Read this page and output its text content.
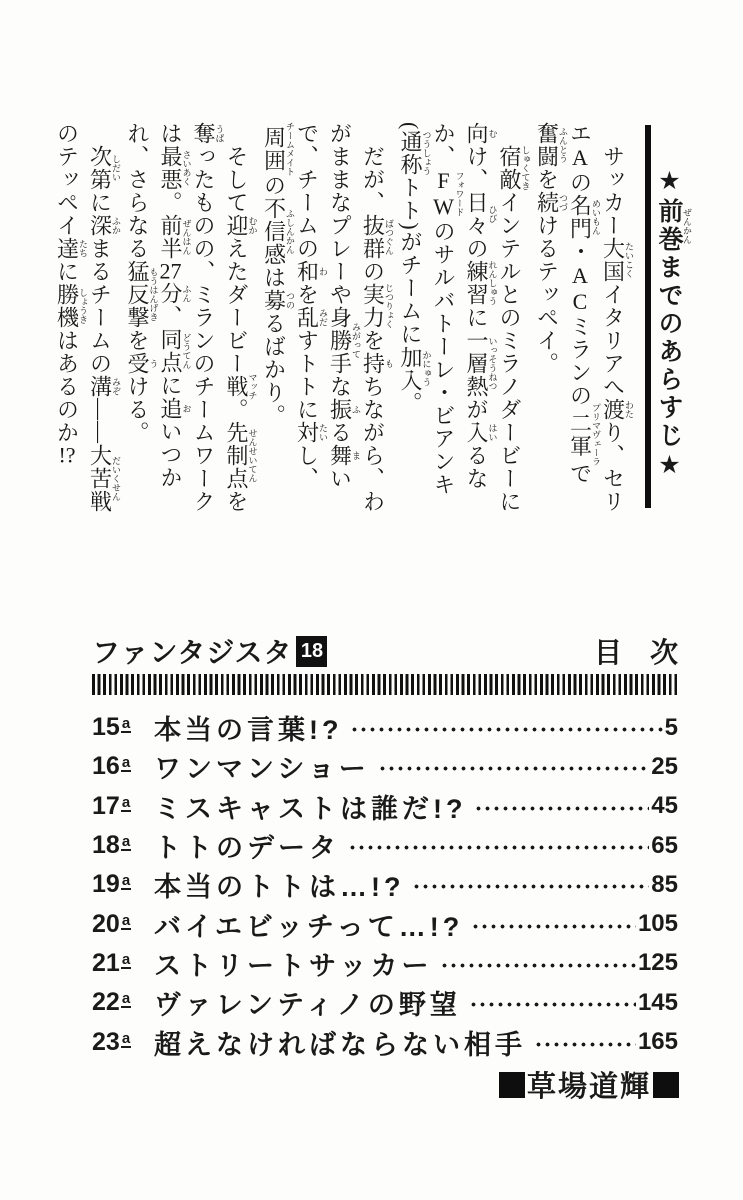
サッカー大国たいこくイタリアへ渡わたり、セリエAの名門めいもん・ACミランの二軍プリマヴェーラで奮闘ふんとうを続つづけるテッペイ。

宿敵しゅくてきインテルとのミラノダービーに向むけ、日々ひびの練習れんしゅうに一層熱いっそうねつが入はいるなか、FWフォワードのサルバトーレ・ビアンキ(通称つうしょうトト)がチームに加入かにゅう。

だが、抜群ばつぐんの実力じつりょくを持もちながら、わがままなプレーや身勝手みがってな振ふる舞まいで、チームの和わを乱みだすトトに対たいし、周囲チームメイトの不信感ふしんかんは募つのるばかり。

そして迎むかえたダービー戦マッチ。先制点せんせいてんを奪うばったものの、ミランのチームワークは最悪さいあく。前半ぜんはん27分ふん、同点どうてんに追おいつかれ、さらなる猛反撃もうはんげきを受うける。

次第しだいに深ふかまるチームの溝みぞ――大苦戦だいくせんのテッペイ達たちに勝機しょうきはあるのか!?

★前巻 ぜんかんまでのあらすじ★
ファンタジスタ 18	目　次
15 a 本当の言葉!?	5
16 a ワンマンショー	25
17 a ミスキャストは誰だ!?	45
18 a トトのデータ	65
19 a 本当のトトは…!?	85
20 a バイエビッチって…!?	105
21 a ストリートサッカー	125
22 a ヴァレンティノの野望	145
23 a 超えなければならない相手	165
草場道輝
